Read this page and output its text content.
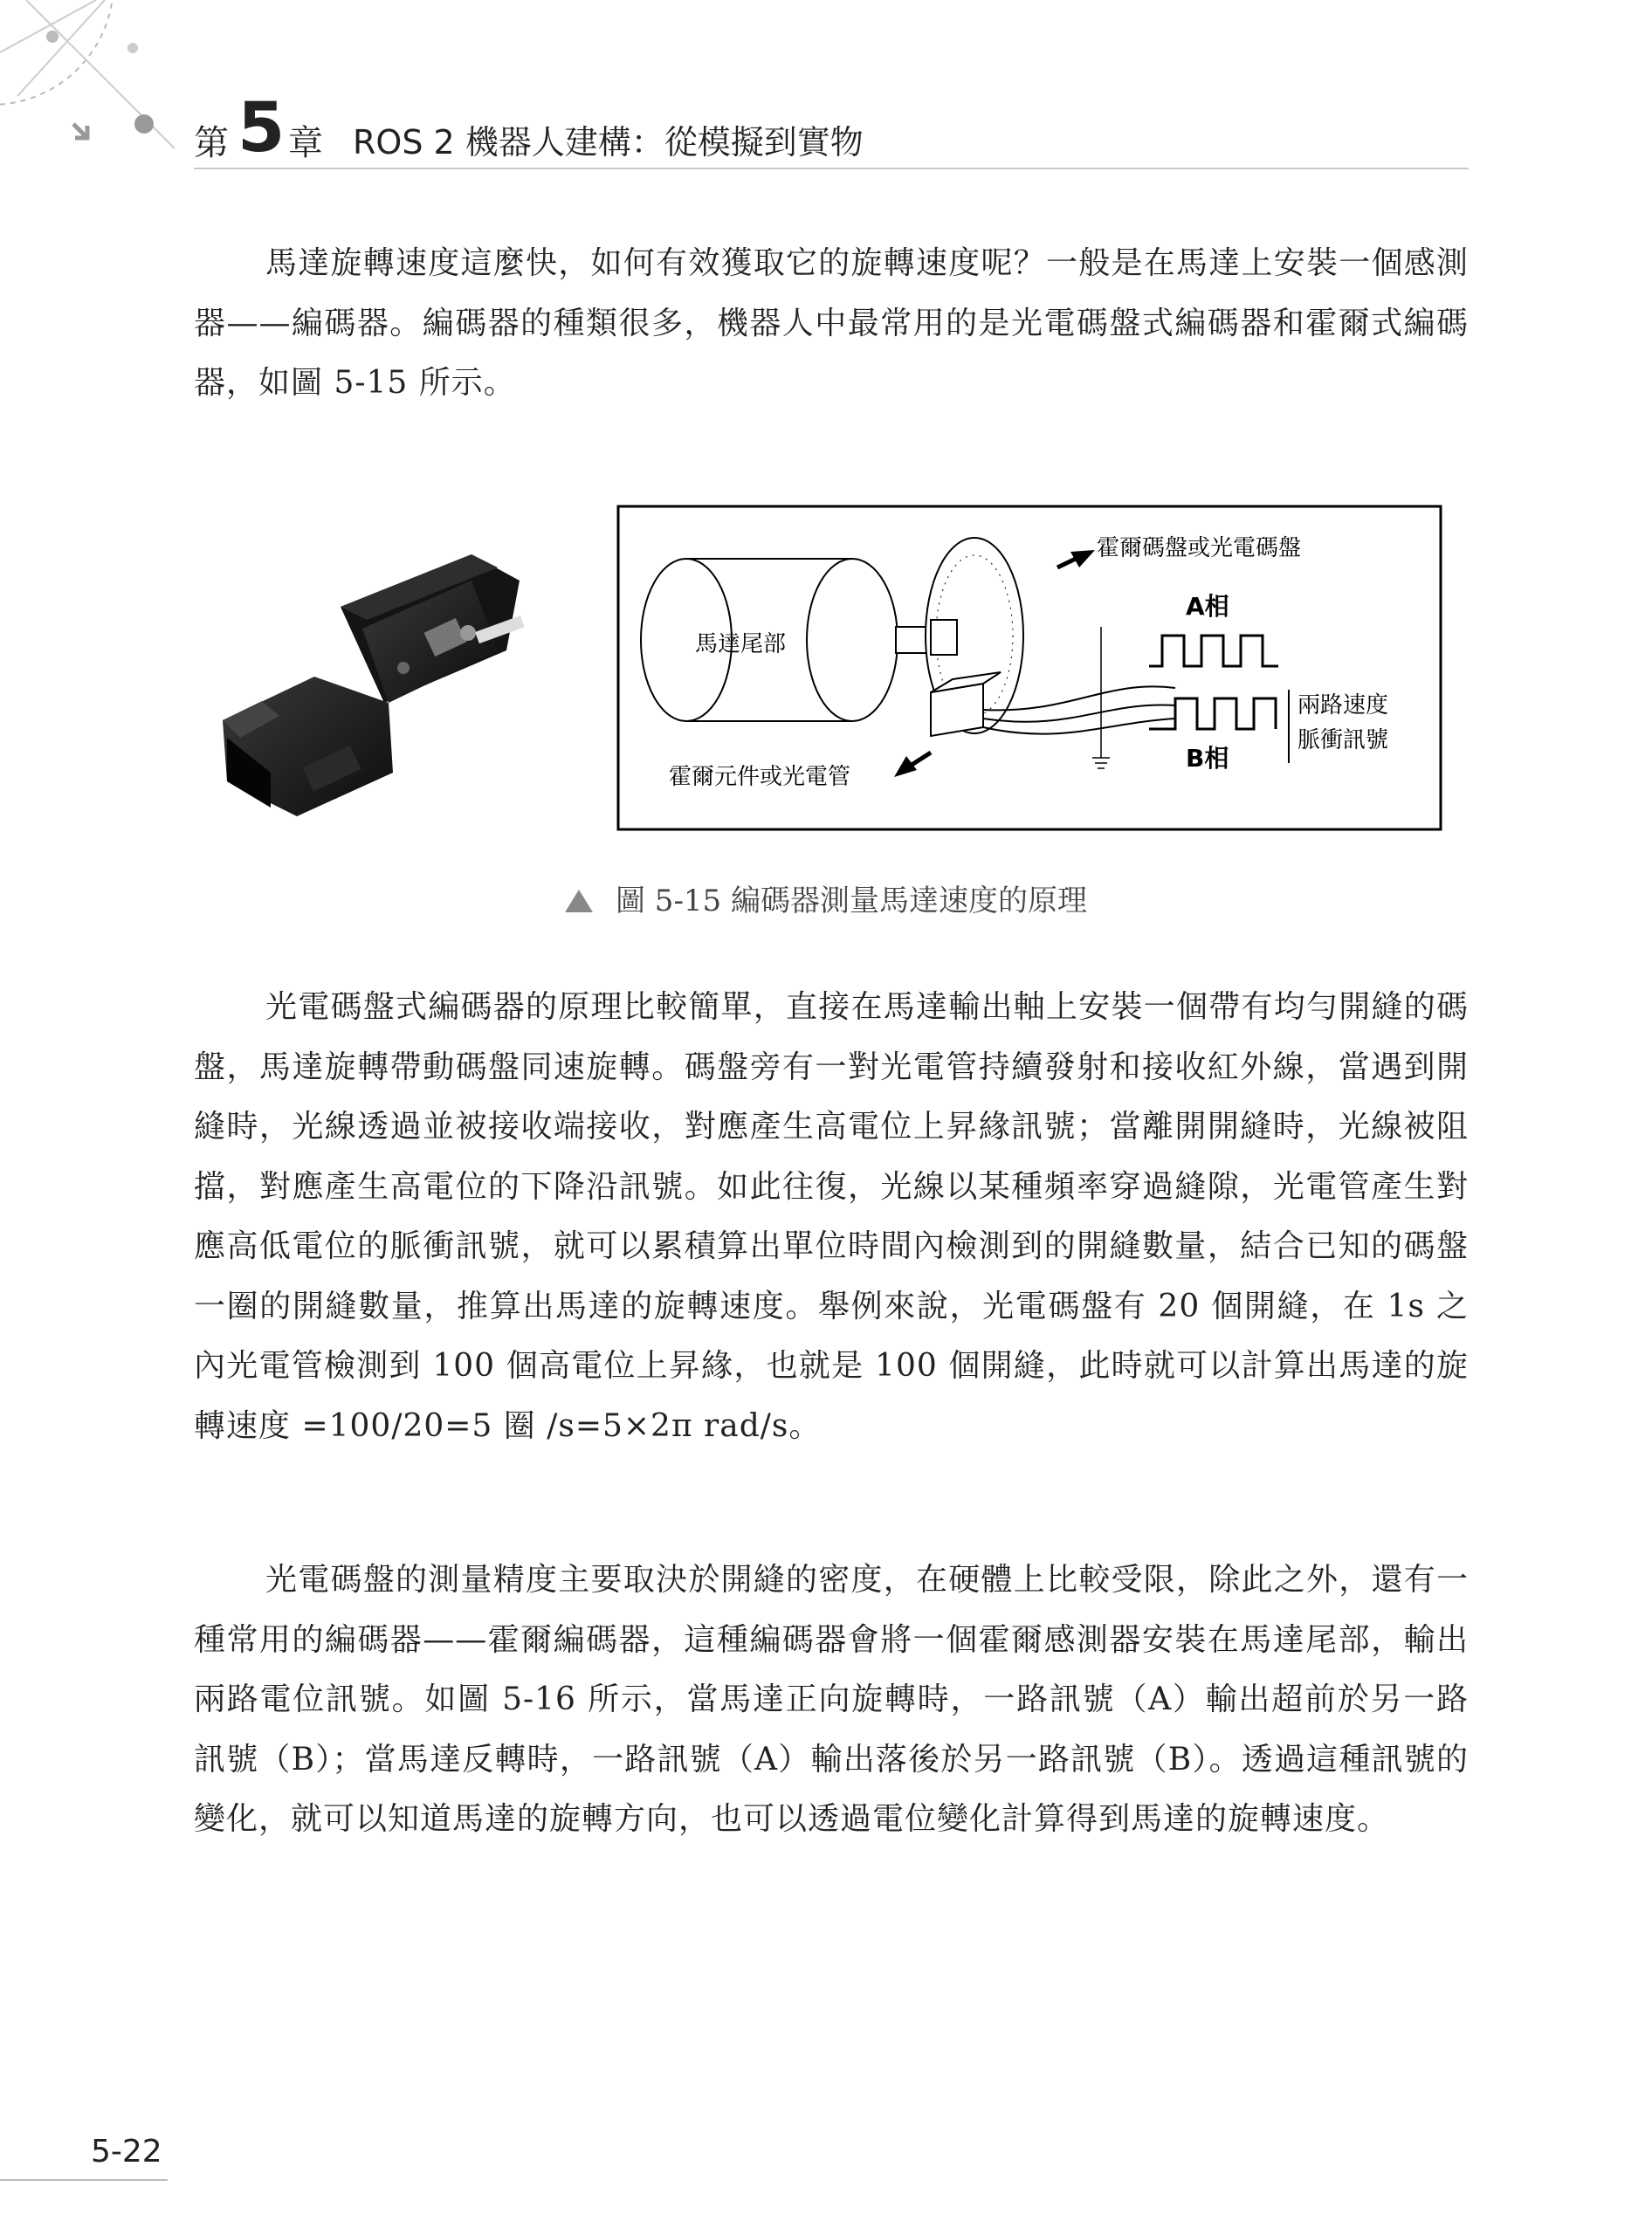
第 5 章 ROS 2 機器人建構：從模擬到實物

馬達旋轉速度這麼快，如何有效獲取它的旋轉速度呢？一般是在馬達上安裝一個感測器——編碼器。編碼器的種類很多，機器人中最常用的是光電碼盤式編碼器和霍爾式編碼器，如圖 5-15 所示。

馬達尾部
霍爾碼盤或光電碼盤
霍爾元件或光電管
A相
B相
兩路速度
脈衝訊號
圖 5-15 編碼器測量馬達速度的原理

光電碼盤式編碼器的原理比較簡單，直接在馬達輸出軸上安裝一個帶有均勻開縫的碼盤，馬達旋轉帶動碼盤同速旋轉。碼盤旁有一對光電管持續發射和接收紅外線，當遇到開縫時，光線透過並被接收端接收，對應產生高電位上昇緣訊號；當離開開縫時，光線被阻擋，對應產生高電位的下降沿訊號。如此往復，光線以某種頻率穿過縫隙，光電管產生對應高低電位的脈衝訊號，就可以累積算出單位時間內檢測到的開縫數量，結合已知的碼盤一圈的開縫數量，推算出馬達的旋轉速度。舉例來說，光電碼盤有 20 個開縫，在 1s 之內光電管檢測到 100 個高電位上昇緣，也就是 100 個開縫，此時就可以計算出馬達的旋轉速度 =100/20=5 圈 /s=5×2π rad/s。

光電碼盤的測量精度主要取決於開縫的密度，在硬體上比較受限，除此之外，還有一種常用的編碼器——霍爾編碼器，這種編碼器會將一個霍爾感測器安裝在馬達尾部，輸出兩路電位訊號。如圖 5-16 所示，當馬達正向旋轉時，一路訊號（A）輸出超前於另一路訊號（B）；當馬達反轉時，一路訊號（A）輸出落後於另一路訊號（B）。透過這種訊號的變化，就可以知道馬達的旋轉方向，也可以透過電位變化計算得到馬達的旋轉速度。

5-22
